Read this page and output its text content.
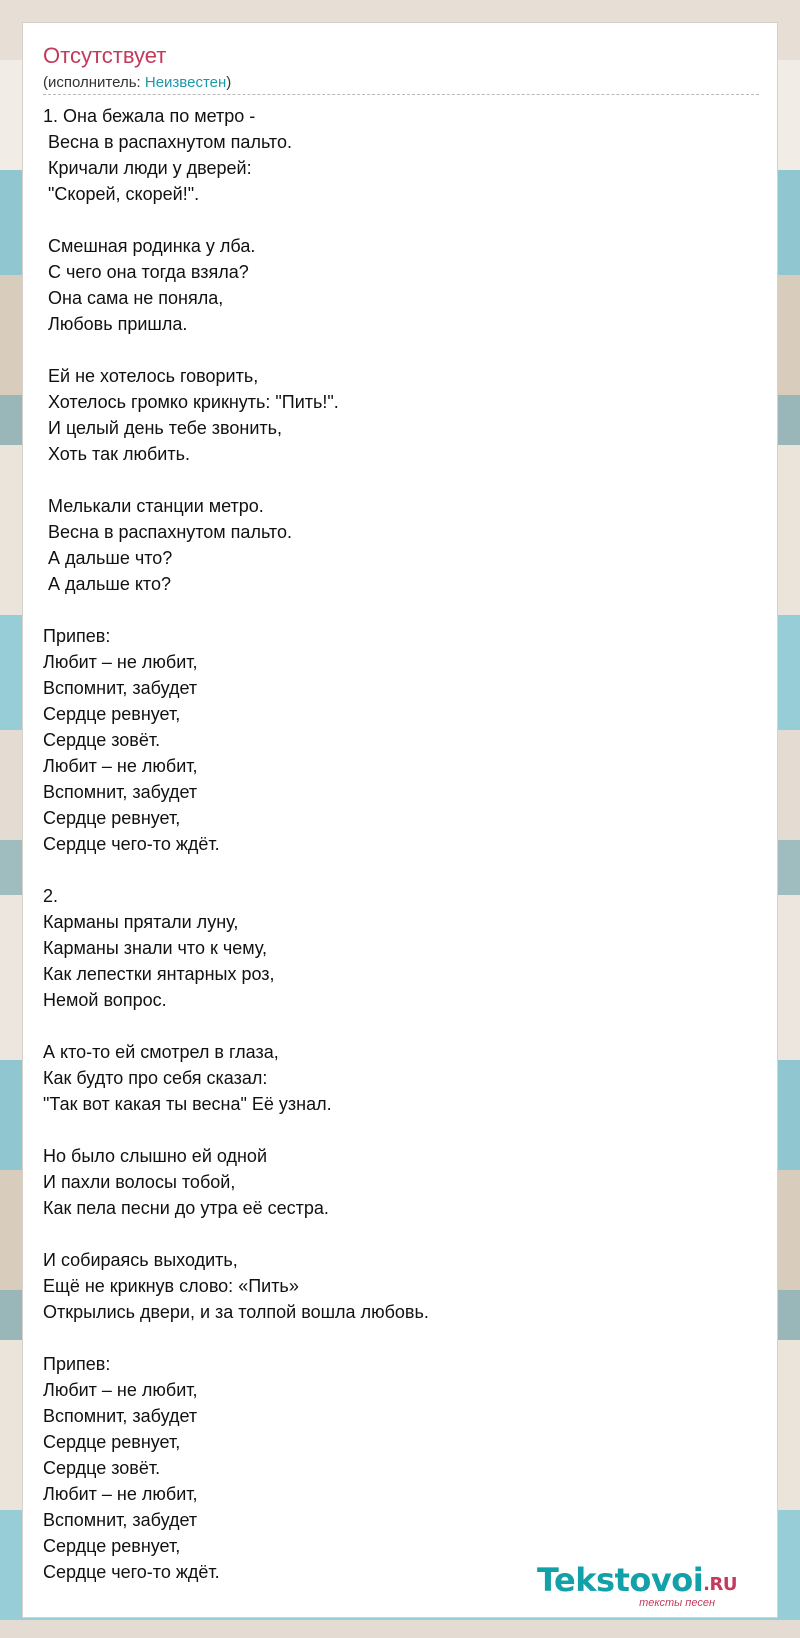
Отсутствует
(исполнитель: Неизвестен)
1. Она бежала по метро -
Весна в распахнутом пальто.
Кричали люди у дверей:
"Скорей, скорей!".

Смешная родинка у лба.
С чего она тогда взяла?
Она сама не поняла,
Любовь пришла.

Ей не хотелось говорить,
Хотелось громко крикнуть: "Пить!".
И целый день тебе звонить,
Хоть так любить.

Мелькали станции метро.
Весна в распахнутом пальто.
А дальше что?
А дальше кто?

Припев:
Любит – не любит,
Вспомнит, забудет
Сердце ревнует,
Сердце зовёт.
Любит – не любит,
Вспомнит, забудет
Сердце ревнует,
Сердце чего-то ждёт.

2.
Карманы прятали луну,
Карманы знали что к чему,
Как лепестки янтарных роз,
Немой вопрос.

А кто-то ей смотрел в глаза,
Как будто про себя сказал:
"Так вот какая ты весна" Её узнал.

Но было слышно ей одной
И пахли волосы тобой,
Как пела песни до утра её сестра.

И собираясь выходить,
Ещё не крикнув слово: «Пить»
Открылись двери, и за толпой вошла любовь.

Припев:
Любит – не любит,
Вспомнит, забудет
Сердце ревнует,
Сердце зовёт.
Любит – не любит,
Вспомнит, забудет
Сердце ревнует,
Сердце чего-то ждёт.	Tekstovoi.RU
тексты песен
